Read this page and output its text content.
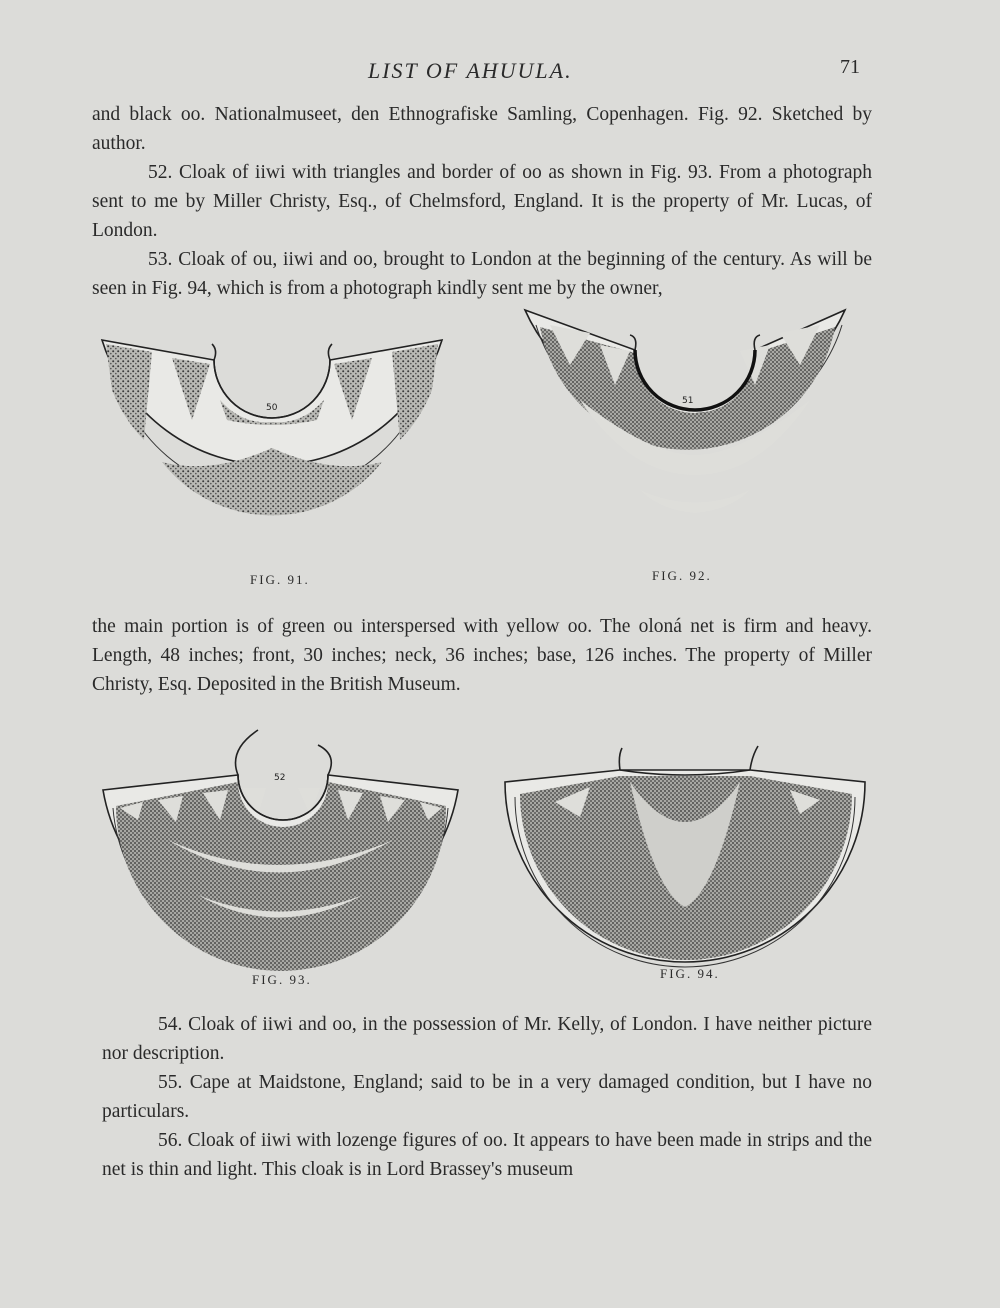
LIST OF AHUULA.	71

and black oo. Nationalmuseet, den Ethnografiske Samling, Copenhagen. Fig. 92. Sketched by author.

52. Cloak of iiwi with triangles and border of oo as shown in Fig. 93. From a photograph sent to me by Miller Christy, Esq., of Chelmsford, England. It is the property of Mr. Lucas, of London.

53. Cloak of ou, iiwi and oo, brought to London at the beginning of the century. As will be seen in Fig. 94, which is from a photograph kindly sent me by the owner,

50
FIG. 91.
51
FIG. 92.

the main portion is of green ou interspersed with yellow oo. The oloná net is firm and heavy. Length, 48 inches; front, 30 inches; neck, 36 inches; base, 126 inches. The property of Miller Christy, Esq. Deposited in the British Museum.

52
FIG. 93.	FIG. 94.

54. Cloak of iiwi and oo, in the possession of Mr. Kelly, of London. I have neither picture nor description.

55. Cape at Maidstone, England; said to be in a very damaged condition, but I have no particulars.

56. Cloak of iiwi with lozenge figures of oo. It appears to have been made in strips and the net is thin and light. This cloak is in Lord Brassey's museum
